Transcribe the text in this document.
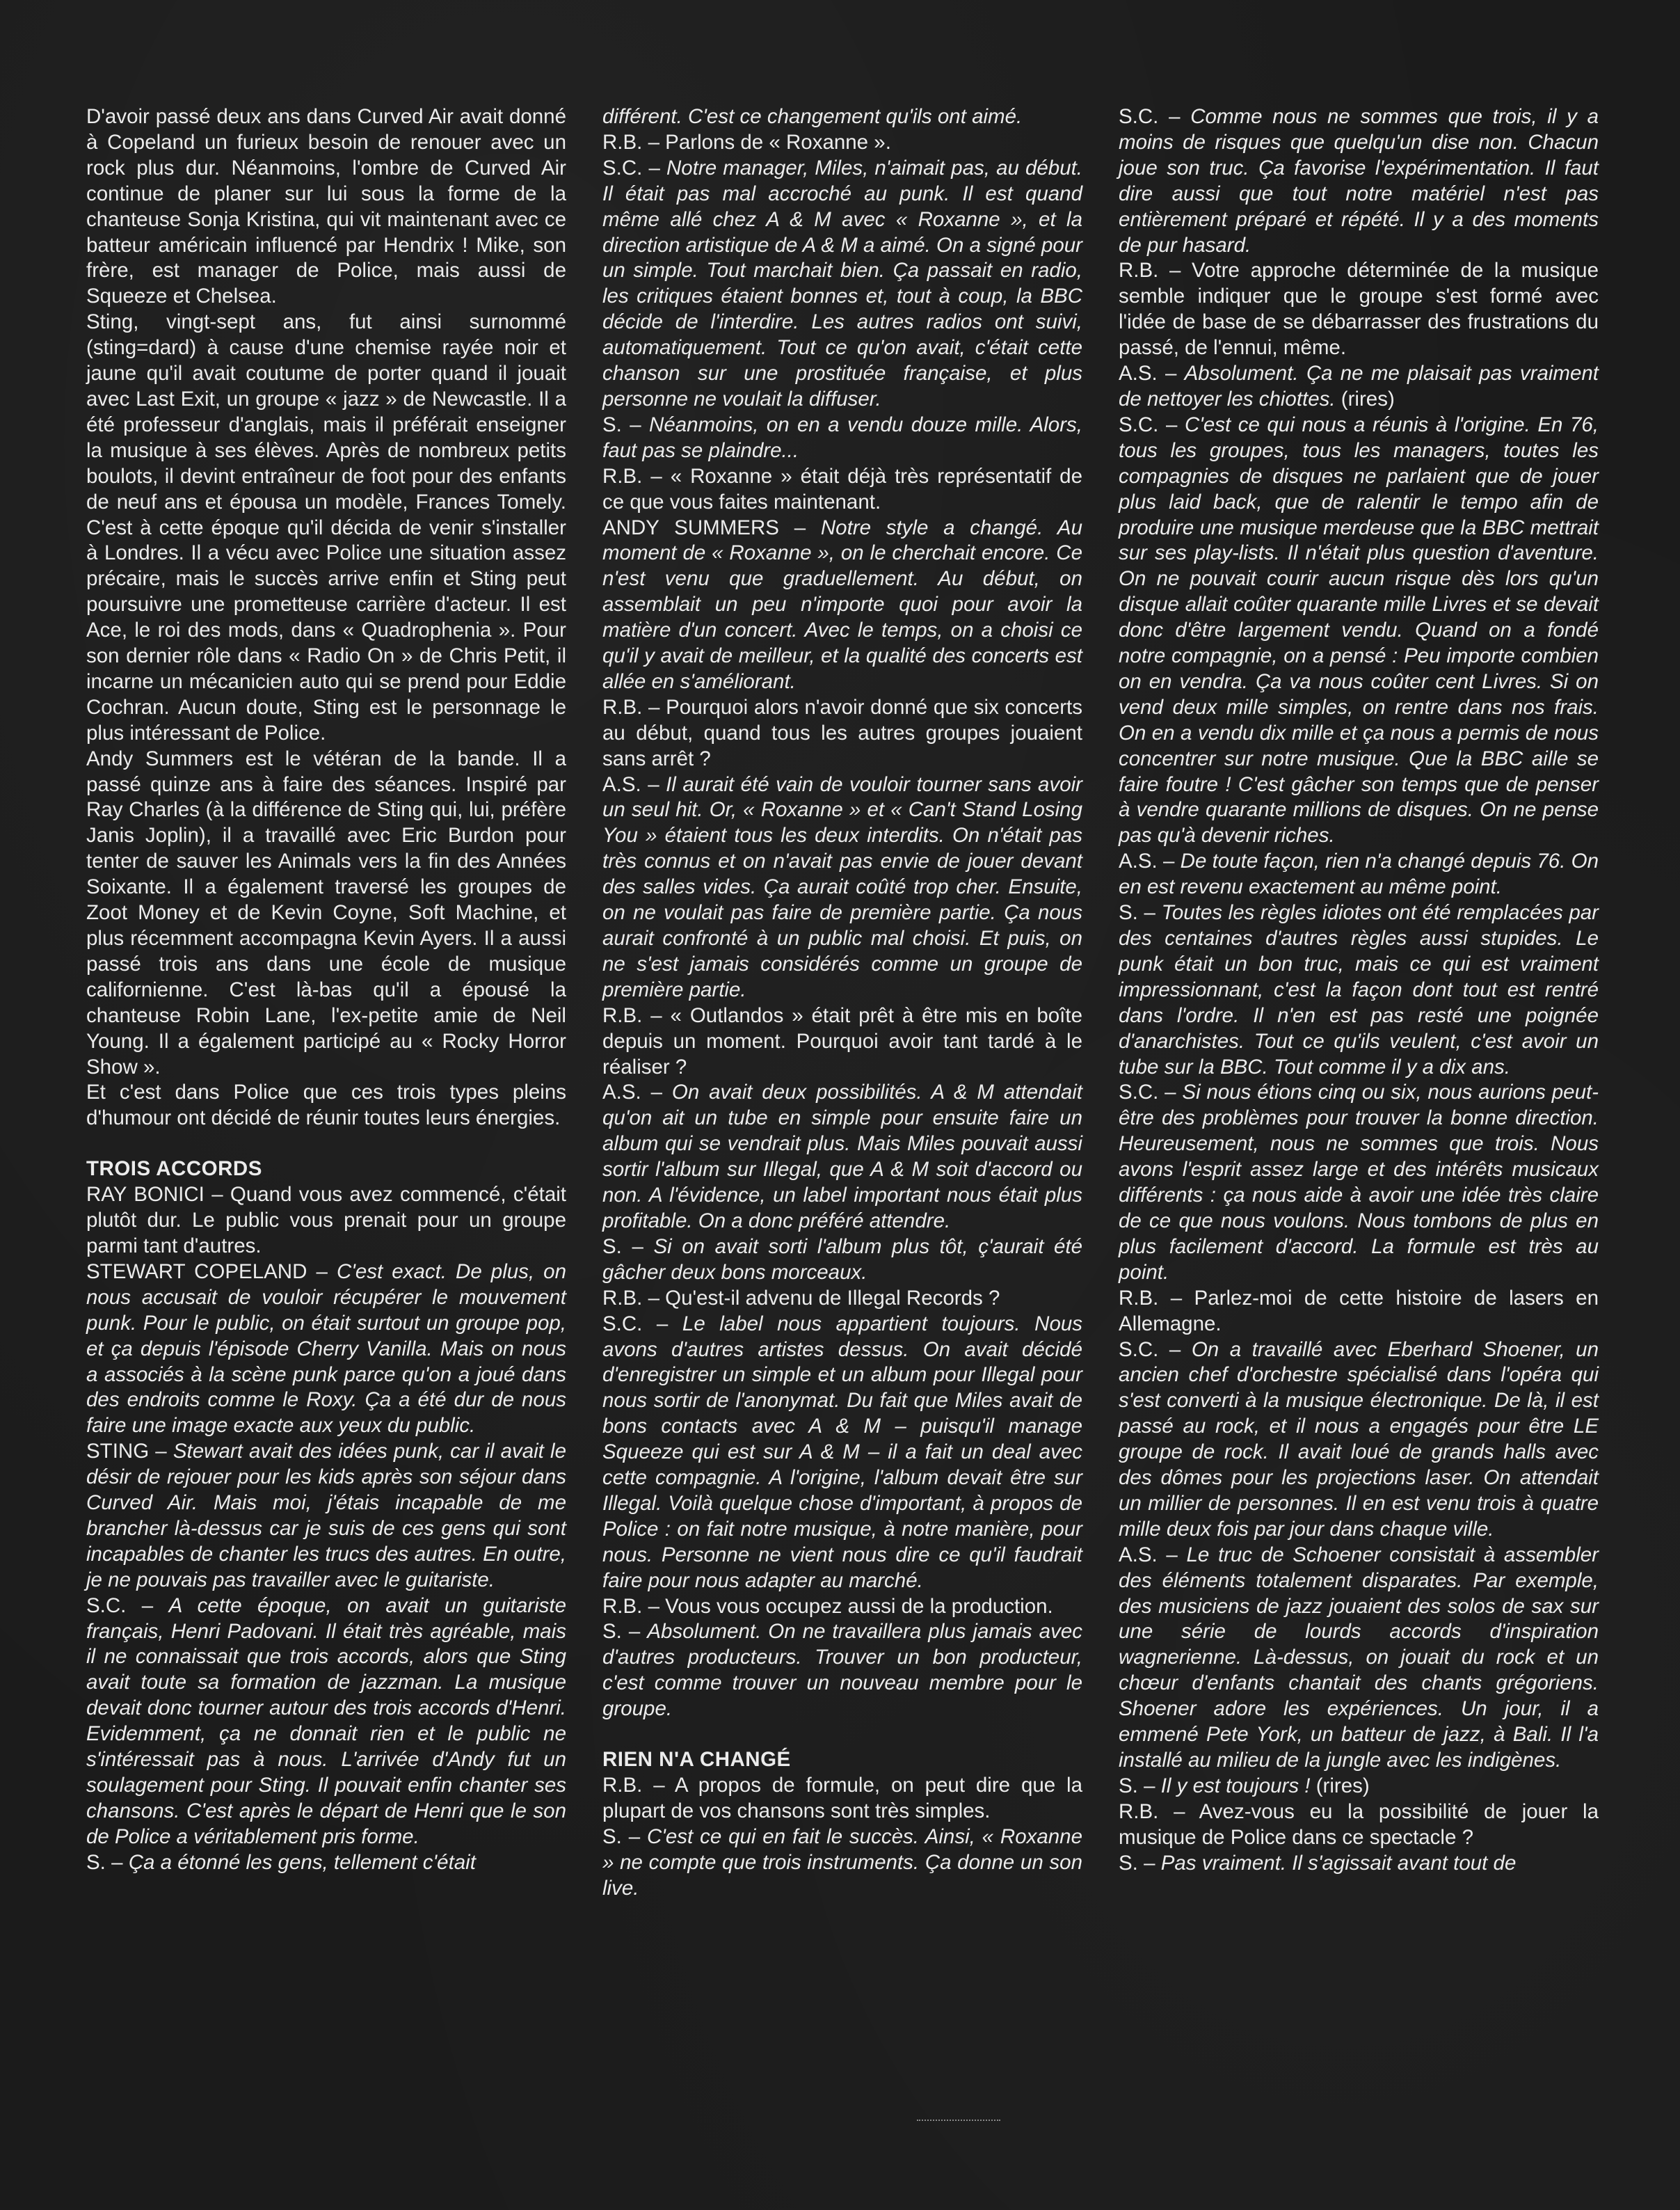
D'avoir passé deux ans dans Curved Air avait donné à Copeland un furieux besoin de renouer avec un rock plus dur. Néanmoins, l'ombre de Curved Air continue de planer sur lui sous la forme de la chanteuse Sonja Kristina, qui vit maintenant avec ce batteur américain influencé par Hendrix ! Mike, son frère, est manager de Police, mais aussi de Squeeze et Chelsea.

Sting, vingt-sept ans, fut ainsi surnommé (sting=dard) à cause d'une chemise rayée noir et jaune qu'il avait coutume de porter quand il jouait avec Last Exit, un groupe « jazz » de Newcastle. Il a été professeur d'anglais, mais il préférait enseigner la musique à ses élèves. Après de nombreux petits boulots, il devint entraîneur de foot pour des enfants de neuf ans et épousa un modèle, Frances Tomely. C'est à cette époque qu'il décida de venir s'installer à Londres. Il a vécu avec Police une situation assez précaire, mais le succès arrive enfin et Sting peut poursuivre une prometteuse carrière d'acteur. Il est Ace, le roi des mods, dans « Quadrophenia ». Pour son dernier rôle dans « Radio On » de Chris Petit, il incarne un mécanicien auto qui se prend pour Eddie Cochran. Aucun doute, Sting est le personnage le plus intéressant de Police.

Andy Summers est le vétéran de la bande. Il a passé quinze ans à faire des séances. Inspiré par Ray Charles (à la différence de Sting qui, lui, préfère Janis Joplin), il a travaillé avec Eric Burdon pour tenter de sauver les Animals vers la fin des Années Soixante. Il a également traversé les groupes de Zoot Money et de Kevin Coyne, Soft Machine, et plus récemment accompagna Kevin Ayers. Il a aussi passé trois ans dans une école de musique californienne. C'est là-bas qu'il a épousé la chanteuse Robin Lane, l'ex-petite amie de Neil Young. Il a également participé au « Rocky Horror Show ».

Et c'est dans Police que ces trois types pleins d'humour ont décidé de réunir toutes leurs énergies.

TROIS ACCORDS

RAY BONICI – Quand vous avez commencé, c'était plutôt dur. Le public vous prenait pour un groupe parmi tant d'autres.

STEWART COPELAND – C'est exact. De plus, on nous accusait de vouloir récupérer le mouvement punk. Pour le public, on était surtout un groupe pop, et ça depuis l'épisode Cherry Vanilla. Mais on nous a associés à la scène punk parce qu'on a joué dans des endroits comme le Roxy. Ça a été dur de nous faire une image exacte aux yeux du public.

STING – Stewart avait des idées punk, car il avait le désir de rejouer pour les kids après son séjour dans Curved Air. Mais moi, j'étais incapable de me brancher là-dessus car je suis de ces gens qui sont incapables de chanter les trucs des autres. En outre, je ne pouvais pas travailler avec le guitariste.

S.C. – A cette époque, on avait un guitariste français, Henri Padovani. Il était très agréable, mais il ne connaissait que trois accords, alors que Sting avait toute sa formation de jazzman. La musique devait donc tourner autour des trois accords d'Henri. Evidemment, ça ne donnait rien et le public ne s'intéressait pas à nous. L'arrivée d'Andy fut un soulagement pour Sting. Il pouvait enfin chanter ses chansons. C'est après le départ de Henri que le son de Police a véritablement pris forme.

S. – Ça a étonné les gens, tellement c'était

différent. C'est ce changement qu'ils ont aimé.

R.B. – Parlons de « Roxanne ».

S.C. – Notre manager, Miles, n'aimait pas, au début. Il était pas mal accroché au punk. Il est quand même allé chez A & M avec « Roxanne », et la direction artistique de A & M a aimé. On a signé pour un simple. Tout marchait bien. Ça passait en radio, les critiques étaient bonnes et, tout à coup, la BBC décide de l'interdire. Les autres radios ont suivi, automatiquement. Tout ce qu'on avait, c'était cette chanson sur une prostituée française, et plus personne ne voulait la diffuser.

S. – Néanmoins, on en a vendu douze mille. Alors, faut pas se plaindre...

R.B. – « Roxanne » était déjà très représentatif de ce que vous faites maintenant.

ANDY SUMMERS – Notre style a changé. Au moment de « Roxanne », on le cherchait encore. Ce n'est venu que graduellement. Au début, on assemblait un peu n'importe quoi pour avoir la matière d'un concert. Avec le temps, on a choisi ce qu'il y avait de meilleur, et la qualité des concerts est allée en s'améliorant.

R.B. – Pourquoi alors n'avoir donné que six concerts au début, quand tous les autres groupes jouaient sans arrêt ?

A.S. – Il aurait été vain de vouloir tourner sans avoir un seul hit. Or, « Roxanne » et « Can't Stand Losing You » étaient tous les deux interdits. On n'était pas très connus et on n'avait pas envie de jouer devant des salles vides. Ça aurait coûté trop cher. Ensuite, on ne voulait pas faire de première partie. Ça nous aurait confronté à un public mal choisi. Et puis, on ne s'est jamais considérés comme un groupe de première partie.

R.B. – « Outlandos » était prêt à être mis en boîte depuis un moment. Pourquoi avoir tant tardé à le réaliser ?

A.S. – On avait deux possibilités. A & M attendait qu'on ait un tube en simple pour ensuite faire un album qui se vendrait plus. Mais Miles pouvait aussi sortir l'album sur Illegal, que A & M soit d'accord ou non. A l'évidence, un label important nous était plus profitable. On a donc préféré attendre.

S. – Si on avait sorti l'album plus tôt, ç'aurait été gâcher deux bons morceaux.

R.B. – Qu'est-il advenu de Illegal Records ?

S.C. – Le label nous appartient toujours. Nous avons d'autres artistes dessus. On avait décidé d'enregistrer un simple et un album pour Illegal pour nous sortir de l'anonymat. Du fait que Miles avait de bons contacts avec A & M – puisqu'il manage Squeeze qui est sur A & M – il a fait un deal avec cette compagnie. A l'origine, l'album devait être sur Illegal. Voilà quelque chose d'important, à propos de Police : on fait notre musique, à notre manière, pour nous. Personne ne vient nous dire ce qu'il faudrait faire pour nous adapter au marché.

R.B. – Vous vous occupez aussi de la production.

S. – Absolument. On ne travaillera plus jamais avec d'autres producteurs. Trouver un bon producteur, c'est comme trouver un nouveau membre pour le groupe.

RIEN N'A CHANGÉ

R.B. – A propos de formule, on peut dire que la plupart de vos chansons sont très simples.

S. – C'est ce qui en fait le succès. Ainsi, « Roxanne » ne compte que trois instruments. Ça donne un son live.

S.C. – Comme nous ne sommes que trois, il y a moins de risques que quelqu'un dise non. Chacun joue son truc. Ça favorise l'expérimentation. Il faut dire aussi que tout notre matériel n'est pas entièrement préparé et répété. Il y a des moments de pur hasard.

R.B. – Votre approche déterminée de la musique semble indiquer que le groupe s'est formé avec l'idée de base de se débarrasser des frustrations du passé, de l'ennui, même.

A.S. – Absolument. Ça ne me plaisait pas vraiment de nettoyer les chiottes. (rires)

S.C. – C'est ce qui nous a réunis à l'origine. En 76, tous les groupes, tous les managers, toutes les compagnies de disques ne parlaient que de jouer plus laid back, que de ralentir le tempo afin de produire une musique merdeuse que la BBC mettrait sur ses play-lists. Il n'était plus question d'aventure. On ne pouvait courir aucun risque dès lors qu'un disque allait coûter quarante mille Livres et se devait donc d'être largement vendu. Quand on a fondé notre compagnie, on a pensé : Peu importe combien on en vendra. Ça va nous coûter cent Livres. Si on vend deux mille simples, on rentre dans nos frais. On en a vendu dix mille et ça nous a permis de nous concentrer sur notre musique. Que la BBC aille se faire foutre ! C'est gâcher son temps que de penser à vendre quarante millions de disques. On ne pense pas qu'à devenir riches.

A.S. – De toute façon, rien n'a changé depuis 76. On en est revenu exactement au même point.

S. – Toutes les règles idiotes ont été remplacées par des centaines d'autres règles aussi stupides. Le punk était un bon truc, mais ce qui est vraiment impressionnant, c'est la façon dont tout est rentré dans l'ordre. Il n'en est pas resté une poignée d'anarchistes. Tout ce qu'ils veulent, c'est avoir un tube sur la BBC. Tout comme il y a dix ans.

S.C. – Si nous étions cinq ou six, nous aurions peut-être des problèmes pour trouver la bonne direction. Heureusement, nous ne sommes que trois. Nous avons l'esprit assez large et des intérêts musicaux différents : ça nous aide à avoir une idée très claire de ce que nous voulons. Nous tombons de plus en plus facilement d'accord. La formule est très au point.

R.B. – Parlez-moi de cette histoire de lasers en Allemagne.

S.C. – On a travaillé avec Eberhard Shoener, un ancien chef d'orchestre spécialisé dans l'opéra qui s'est converti à la musique électronique. De là, il est passé au rock, et il nous a engagés pour être LE groupe de rock. Il avait loué de grands halls avec des dômes pour les projections laser. On attendait un millier de personnes. Il en est venu trois à quatre mille deux fois par jour dans chaque ville.

A.S. – Le truc de Schoener consistait à assembler des éléments totalement disparates. Par exemple, des musiciens de jazz jouaient des solos de sax sur une série de lourds accords d'inspiration wagnerienne. Là-dessus, on jouait du rock et un chœur d'enfants chantait des chants grégoriens. Shoener adore les expériences. Un jour, il a emmené Pete York, un batteur de jazz, à Bali. Il l'a installé au milieu de la jungle avec les indigènes.

S. – Il y est toujours ! (rires)

R.B. – Avez-vous eu la possibilité de jouer la musique de Police dans ce spectacle ?

S. – Pas vraiment. Il s'agissait avant tout de
